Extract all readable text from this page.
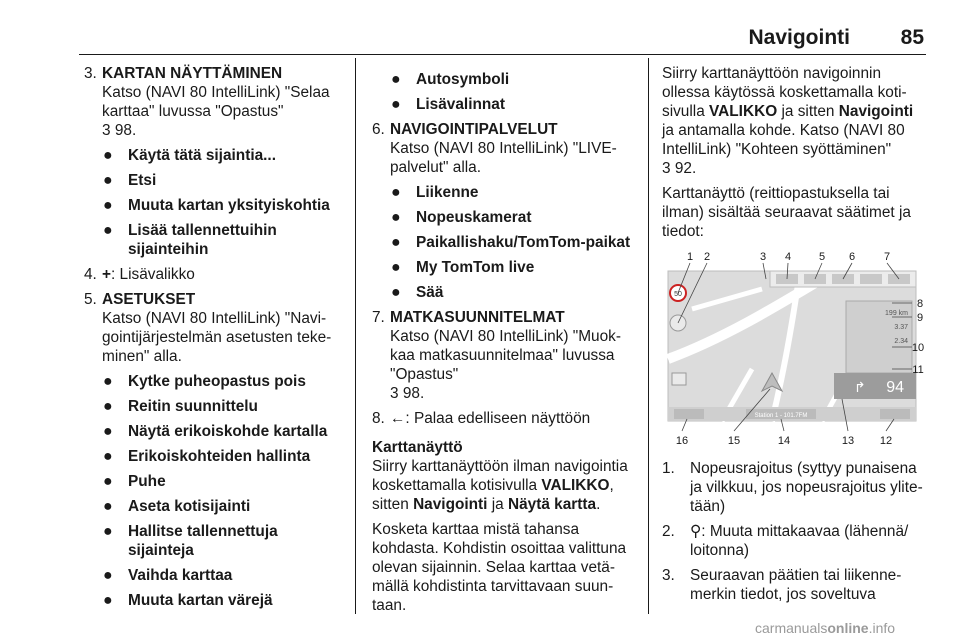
Navigointi 85
3. KARTAN NÄYTTÄMINEN
Katso (NAVI 80 IntelliLink) "Selaa karttaa" luvussa "Opastus"
3 98.
● Käytä tätä sijaintia...
● Etsi
● Muuta kartan yksityiskohtia
● Lisää tallennettuihin sijainteihin
4. +: Lisävalikko
5. ASETUKSET
Katso (NAVI 80 IntelliLink) "Navigointijärjestelmän asetusten tekeminen" alla.
● Kytke puheopastus pois
● Reitin suunnittelu
● Näytä erikoiskohde kartalla
● Erikoiskohteiden hallinta
● Puhe
● Aseta kotisijainti
● Hallitse tallennettuja sijainteja
● Vaihda karttaa
● Muuta kartan värejä
● Autosymboli
● Lisävalinnat
6. NAVIGOINTIPALVELUT
Katso (NAVI 80 IntelliLink) "LIVE-palvelut" alla.
● Liikenne
● Nopeuskamerat
● Paikallishaku/TomTom-paikat
● My TomTom live
● Sää
7. MATKASUUNNITELMAT
Katso (NAVI 80 IntelliLink) "Muokkaa matkasuunnitelmaa" luvussa "Opastus"
3 98.
8. ←: Palaa edelliseen näyttöön
Karttanäyttö
Siirry karttanäyttöön ilman navigointia koskettamalla kotisivulla VALIKKO, sitten Navigointi ja Näytä kartta.
Kosketa karttaa mistä tahansa kohdasta. Kohdistin osoittaa valittuna olevan sijainnin. Selaa karttaa vetämällä kohdistinta tarvittavaan suuntaan.
Siirry karttanäyttöön navigoinnin ollessa käytössä koskettamalla kotisivulla VALIKKO ja sitten Navigointi ja antamalla kohde. Katso (NAVI 80 IntelliLink) "Kohteen syöttäminen"
3 92.
Karttanäyttö (reittiopastuksella tai ilman) sisältää seuraavat säätimet ja tiedot:
50
199 km
3.37
2.34
94
↱
Station 1 - 101.7FM
1 2	3 4	5 6	7
8
9
10
11
16	15	14	13 12
1. Nopeusrajoitus (syttyy punaisena ja vilkkuu, jos nopeusrajoitus ylitetään)
2. ⚲: Muuta mittakaavaa (lähennä/ loitonna)
3. Seuraavan päätien tai liikennemerkin tiedot, jos soveltuva
carmanualsonline.info
